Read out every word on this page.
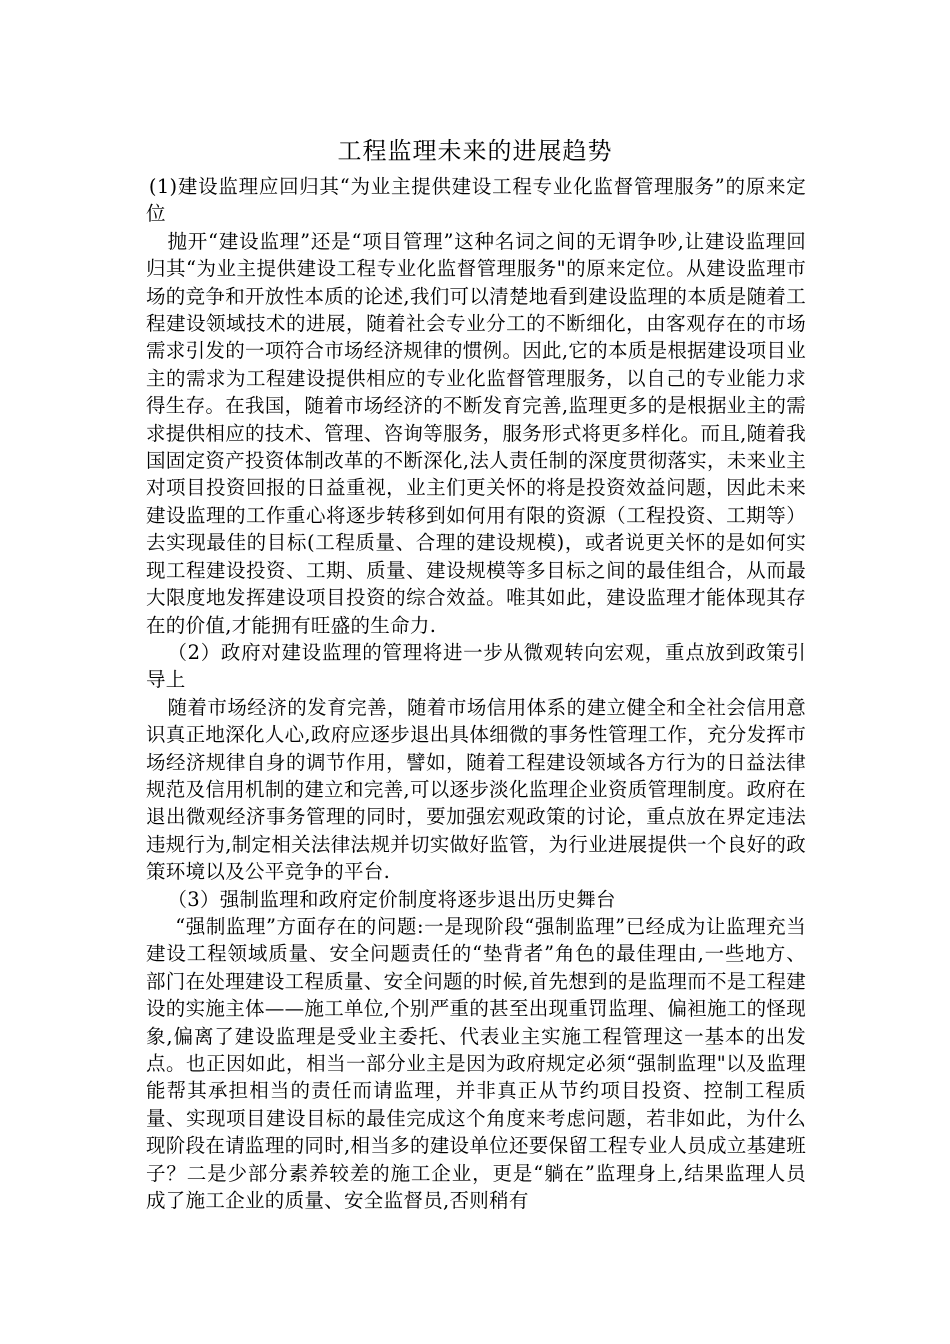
工程监理未来的进展趋势

(1)建设监理应回归其“为业主提供建设工程专业化监督管理服务”的原来定位

抛开“建设监理”还是“项目管理”这种名词之间的无谓争吵,让建设监理回归其“为业主提供建设工程专业化监督管理服务"的原来定位。从建设监理市场的竞争和开放性本质的论述,我们可以清楚地看到建设监理的本质是随着工程建设领域技术的进展，随着社会专业分工的不断细化，由客观存在的市场需求引发的一项符合市场经济规律的惯例。因此,它的本质是根据建设项目业主的需求为工程建设提供相应的专业化监督管理服务，以自己的专业能力求得生存。在我国，随着市场经济的不断发育完善,监理更多的是根据业主的需求提供相应的技术、管理、咨询等服务，服务形式将更多样化。而且,随着我国固定资产投资体制改革的不断深化,法人责任制的深度贯彻落实，未来业主对项目投资回报的日益重视，业主们更关怀的将是投资效益问题，因此未来建设监理的工作重心将逐步转移到如何用有限的资源（工程投资、工期等）去实现最佳的目标(工程质量、合理的建设规模)，或者说更关怀的是如何实现工程建设投资、工期、质量、建设规模等多目标之间的最佳组合，从而最大限度地发挥建设项目投资的综合效益。唯其如此，建设监理才能体现其存在的价值,才能拥有旺盛的生命力.

（2）政府对建设监理的管理将进一步从微观转向宏观，重点放到政策引导上

随着市场经济的发育完善，随着市场信用体系的建立健全和全社会信用意识真正地深化人心,政府应逐步退出具体细微的事务性管理工作，充分发挥市场经济规律自身的调节作用，譬如，随着工程建设领域各方行为的日益法律规范及信用机制的建立和完善,可以逐步淡化监理企业资质管理制度。政府在退出微观经济事务管理的同时，要加强宏观政策的讨论，重点放在界定违法违规行为,制定相关法律法规并切实做好监管，为行业进展提供一个良好的政策环境以及公平竞争的平台.

（3）强制监理和政府定价制度将逐步退出历史舞台

“强制监理”方面存在的问题:一是现阶段“强制监理”已经成为让监理充当建设工程领域质量、安全问题责任的“垫背者”角色的最佳理由,一些地方、部门在处理建设工程质量、安全问题的时候,首先想到的是监理而不是工程建设的实施主体——施工单位,个别严重的甚至出现重罚监理、偏袒施工的怪现象,偏离了建设监理是受业主委托、代表业主实施工程管理这一基本的出发点。也正因如此，相当一部分业主是因为政府规定必须“强制监理"以及监理能帮其承担相当的责任而请监理，并非真正从节约项目投资、控制工程质量、实现项目建设目标的最佳完成这个角度来考虑问题，若非如此，为什么现阶段在请监理的同时,相当多的建设单位还要保留工程专业人员成立基建班子？二是少部分素养较差的施工企业，更是“躺在”监理身上,结果监理人员成了施工企业的质量、安全监督员,否则稍有
